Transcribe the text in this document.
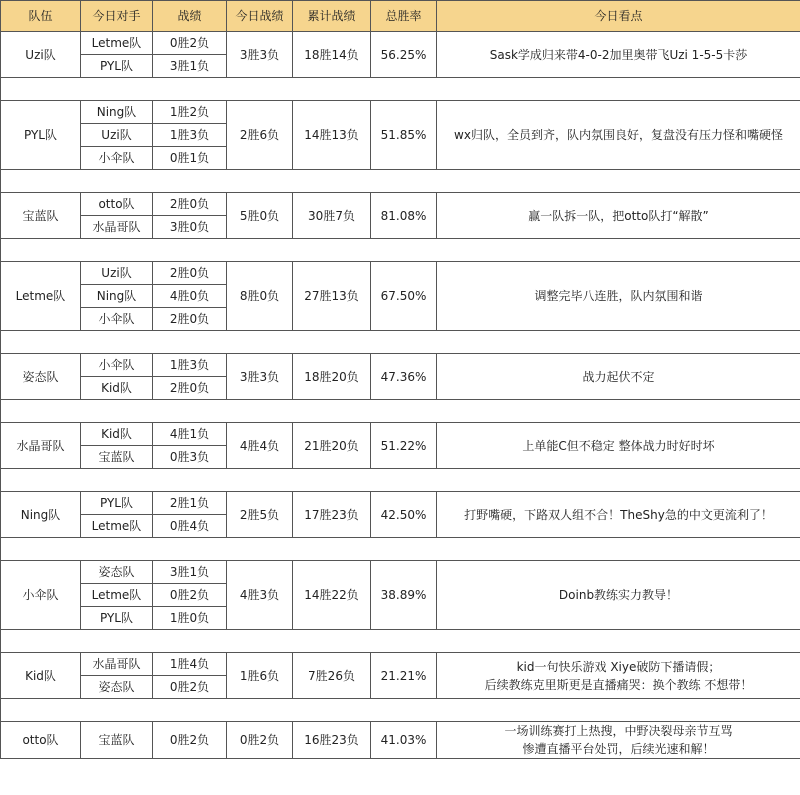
队伍	今日对手	战绩	今日战绩	累计战绩	总胜率	今日看点
Uzi队	Letme队	0胜2负	3胜3负	18胜14负	56.25%	Sask学成归来带4-0-2加里奥带飞Uzi 1-5-5卡莎
	PYL队	3胜1负				

PYL队	Ning队	1胜2负	2胜6负	14胜13负	51.85%	wx归队，全员到齐，队内氛围良好，复盘没有压力怪和嘴硬怪
	Uzi队	1胜3负				
	小伞队	0胜1负				

宝蓝队	otto队	2胜0负	5胜0负	30胜7负	81.08%	赢一队拆一队，把otto队打“解散”
	水晶哥队	3胜0负				

Letme队	Uzi队	2胜0负	8胜0负	27胜13负	67.50%	调整完毕八连胜，队内氛围和谐
	Ning队	4胜0负				
	小伞队	2胜0负				

姿态队	小伞队	1胜3负	3胜3负	18胜20负	47.36%	战力起伏不定
	Kid队	2胜0负				

水晶哥队	Kid队	4胜1负	4胜4负	21胜20负	51.22%	上单能C但不稳定 整体战力时好时坏
	宝蓝队	0胜3负				

Ning队	PYL队	2胜1负	2胜5负	17胜23负	42.50%	打野嘴硬，下路双人组不合！TheShy急的中文更流利了！
	Letme队	0胜4负				

小伞队	姿态队	3胜1负	4胜3负	14胜22负	38.89%	Doinb教练实力教导！
	Letme队	0胜2负				
	PYL队	1胜0负				

Kid队	水晶哥队	1胜4负	1胜6负	7胜26负	21.21%	kid一句快乐游戏 Xiye破防下播请假；
后续教练克里斯更是直播痛哭：换个教练 不想带！
	姿态队	0胜2负				

otto队	宝蓝队	0胜2负	0胜2负	16胜23负	41.03%	一场训练赛打上热搜，中野决裂母亲节互骂
惨遭直播平台处罚，后续光速和解！
